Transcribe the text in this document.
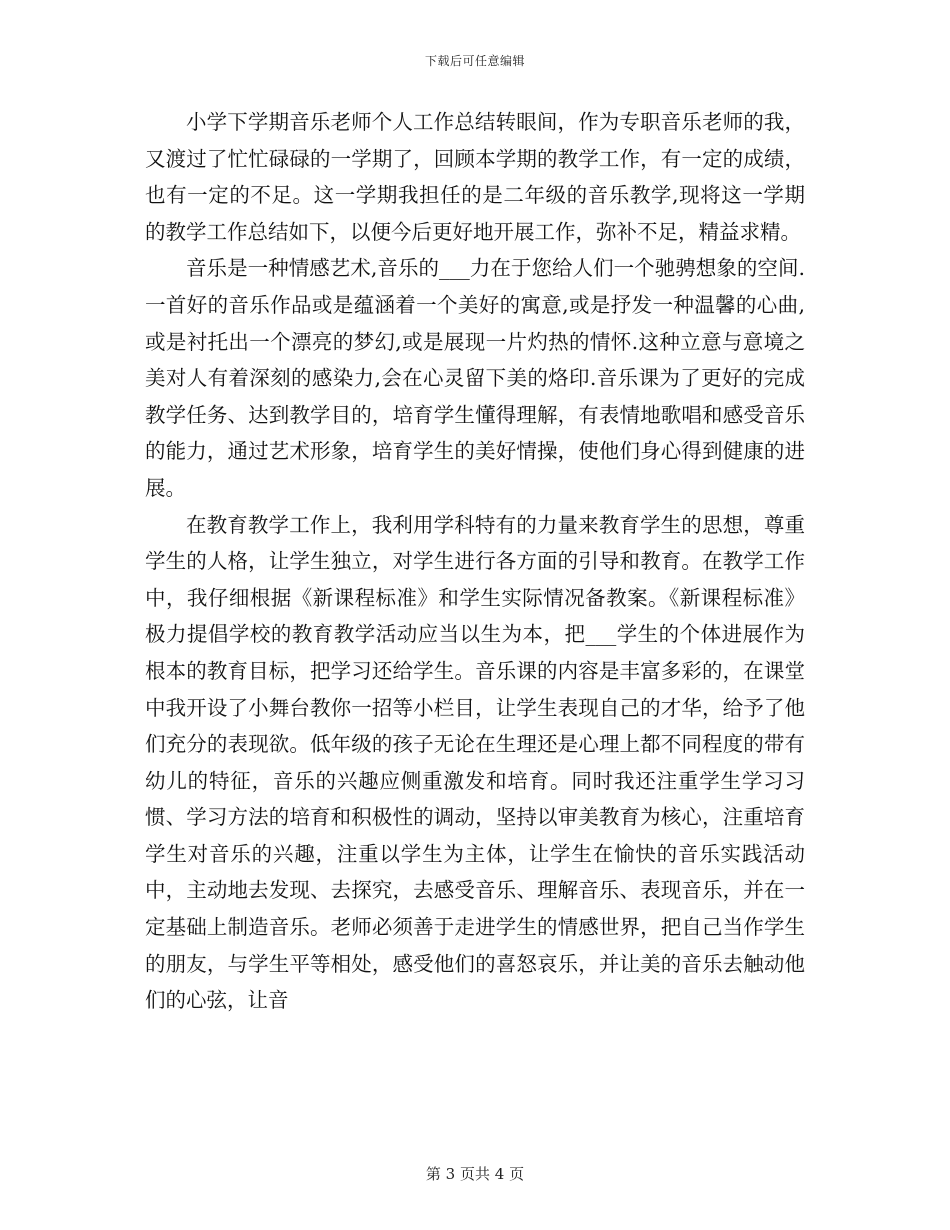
下载后可任意编辑

小学下学期音乐老师个人工作总结转眼间，作为专职音乐老师的我，又渡过了忙忙碌碌的一学期了，回顾本学期的教学工作，有一定的成绩，也有一定的不足。这一学期我担任的是二年级的音乐教学,现将这一学期的教学工作总结如下，以便今后更好地开展工作，弥补不足，精益求精。

音乐是一种情感艺术,音乐的___力在于您给人们一个驰骋想象的空间.一首好的音乐作品或是蕴涵着一个美好的寓意,或是抒发一种温馨的心曲,或是衬托出一个漂亮的梦幻,或是展现一片灼热的情怀.这种立意与意境之美对人有着深刻的感染力,会在心灵留下美的烙印.音乐课为了更好的完成教学任务、达到教学目的，培育学生懂得理解，有表情地歌唱和感受音乐的能力，通过艺术形象，培育学生的美好情操，使他们身心得到健康的进展。

在教育教学工作上，我利用学科特有的力量来教育学生的思想，尊重学生的人格，让学生独立，对学生进行各方面的引导和教育。在教学工作中，我仔细根据《新课程标准》和学生实际情况备教案。《新课程标准》极力提倡学校的教育教学活动应当以生为本，把___学生的个体进展作为根本的教育目标，把学习还给学生。音乐课的内容是丰富多彩的，在课堂中我开设了小舞台教你一招等小栏目，让学生表现自己的才华，给予了他们充分的表现欲。低年级的孩子无论在生理还是心理上都不同程度的带有幼儿的特征，音乐的兴趣应侧重激发和培育。同时我还注重学生学习习惯、学习方法的培育和积极性的调动，坚持以审美教育为核心，注重培育学生对音乐的兴趣，注重以学生为主体，让学生在愉快的音乐实践活动中，主动地去发现、去探究，去感受音乐、理解音乐、表现音乐，并在一定基础上制造音乐。老师必须善于走进学生的情感世界，把自己当作学生的朋友，与学生平等相处，感受他们的喜怒哀乐，并让美的音乐去触动他们的心弦，让音

第 3 页共 4 页
